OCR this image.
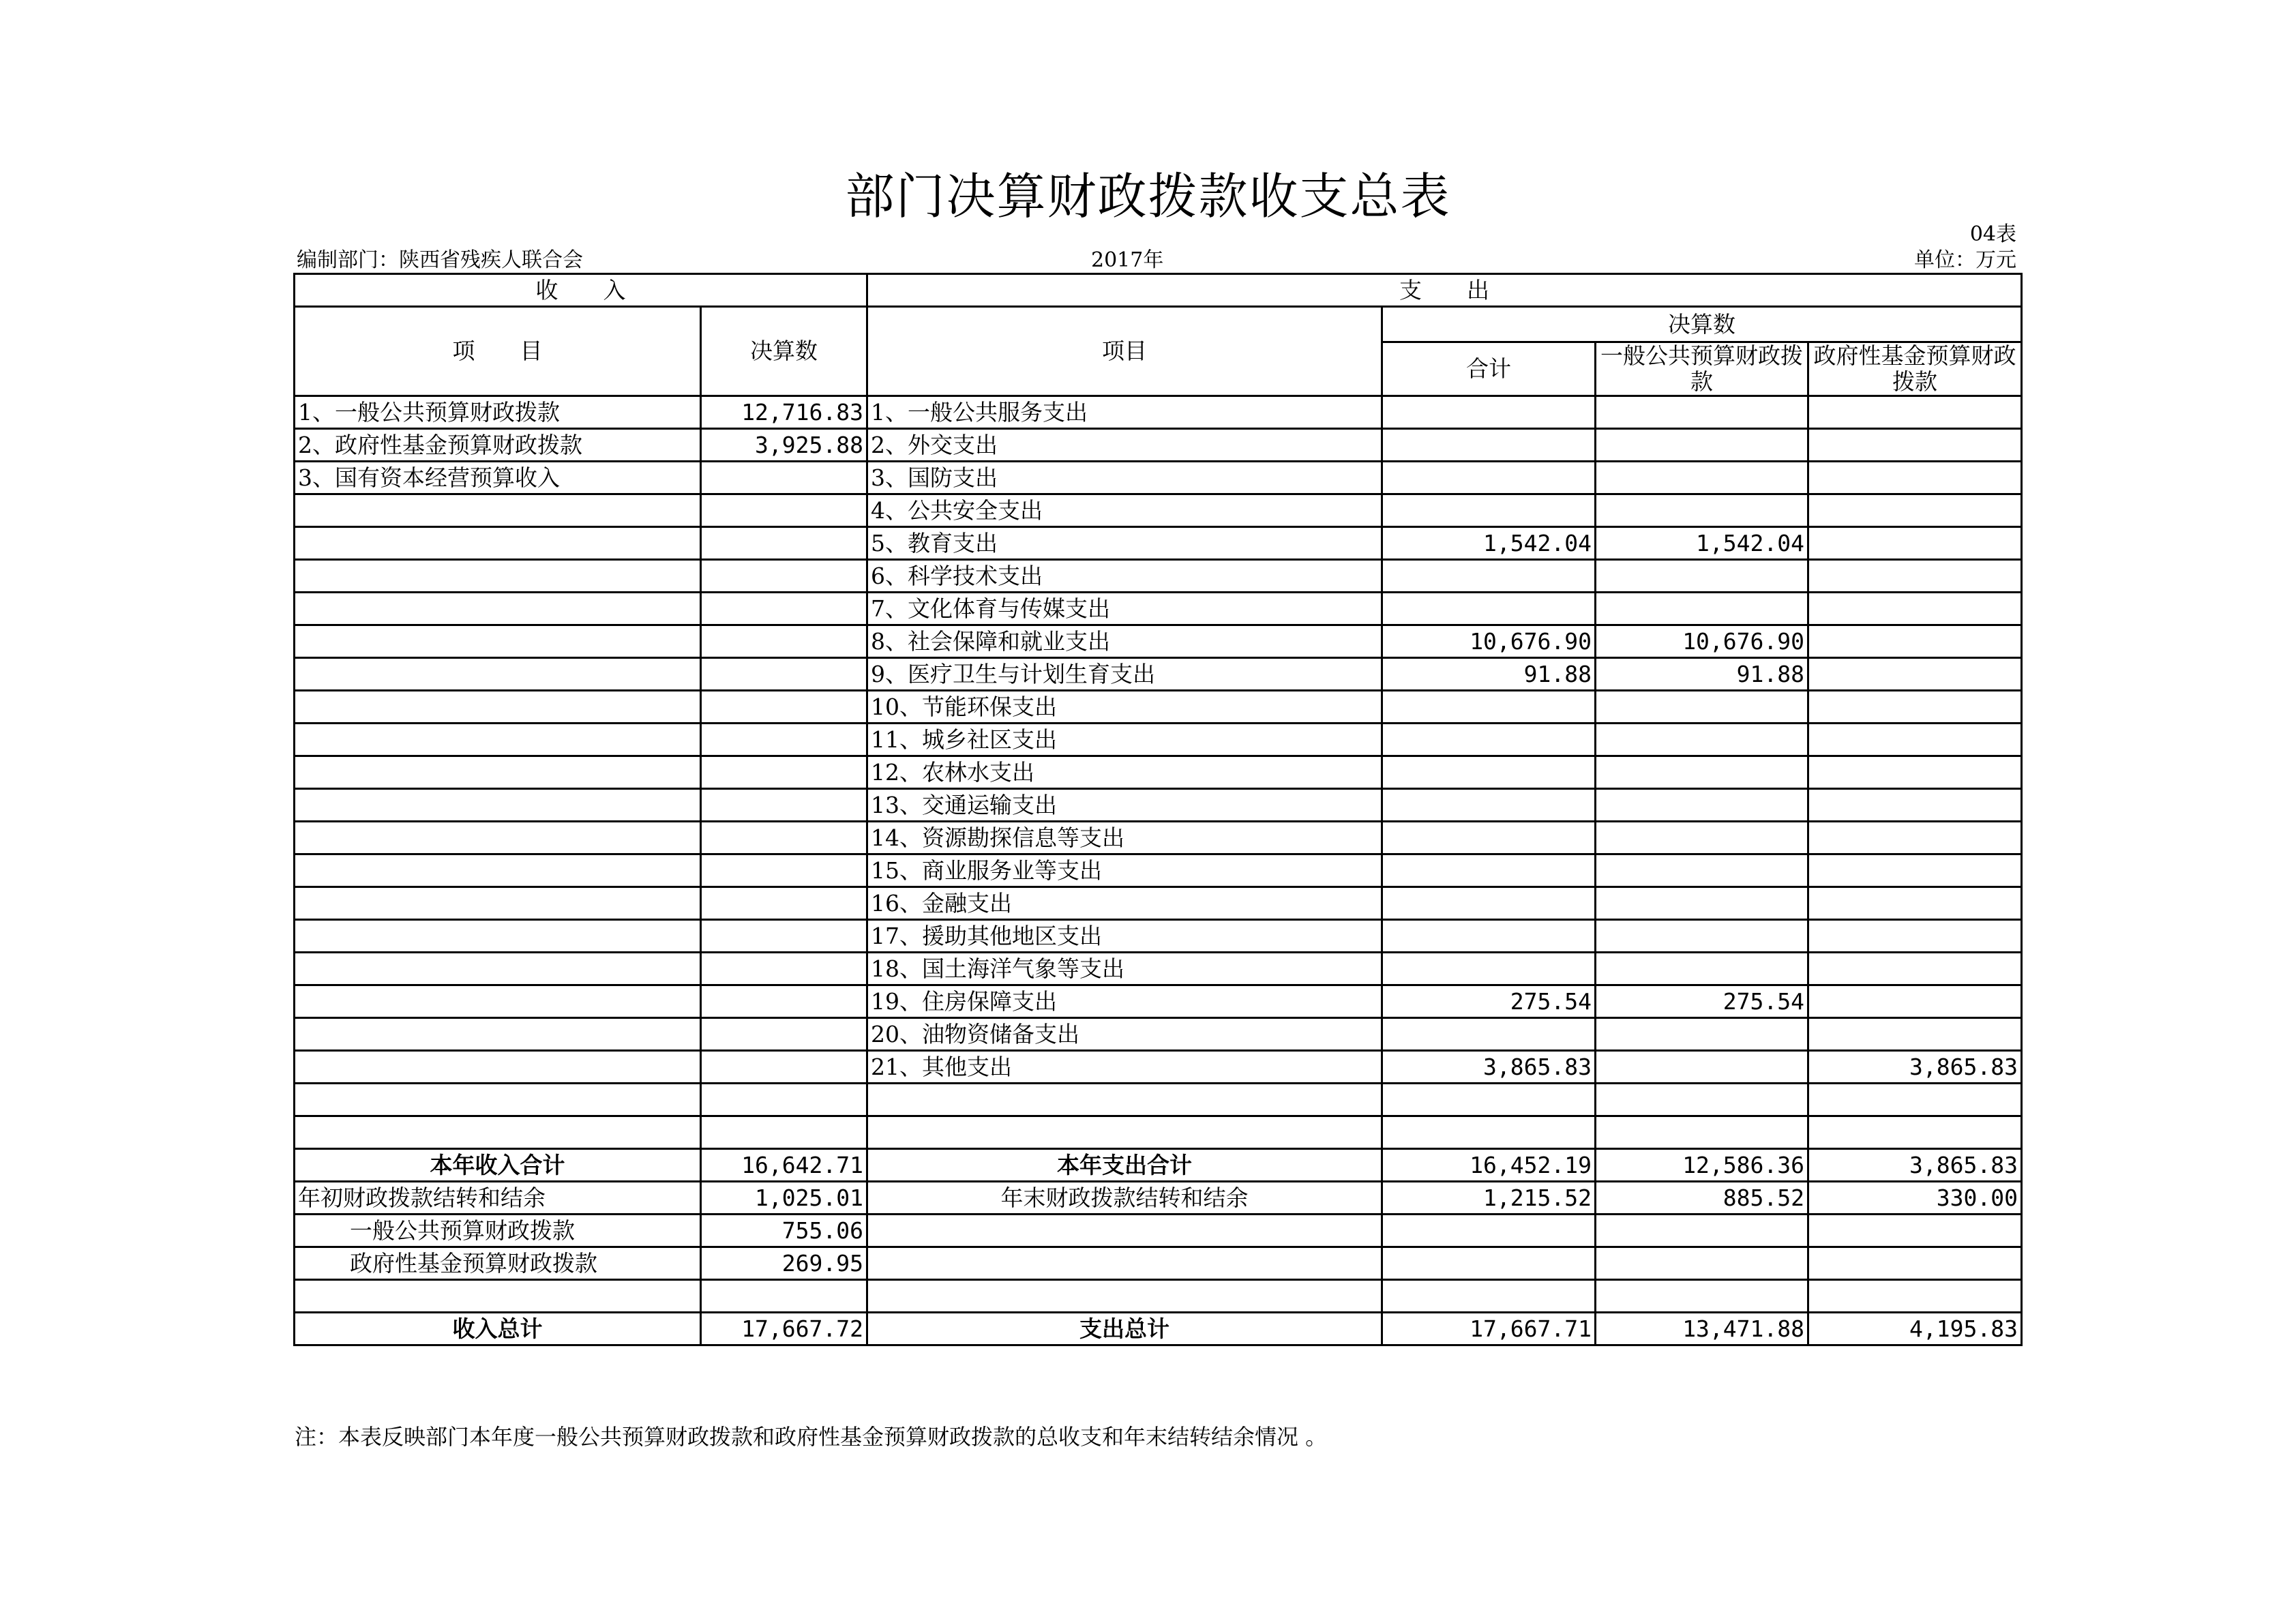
部门决算财政拨款收支总表
04表
编制部门：陕西省残疾人联合会	2017年	单位：万元
收　　入		支　　出			
项　　目	决算数	项目	决算数		
			合计	一般公共预算财政拨款	政府性基金预算财政拨款
1、一般公共预算财政拨款	12,716.83	1、一般公共服务支出			
2、政府性基金预算财政拨款	3,925.88	2、外交支出			
3、国有资本经营预算收入		3、国防支出			
		4、公共安全支出			
		5、教育支出	1,542.04	1,542.04	
		6、科学技术支出			
		7、文化体育与传媒支出			
		8、社会保障和就业支出	10,676.90	10,676.90	
		9、医疗卫生与计划生育支出	91.88	91.88	
		10、节能环保支出			
		11、城乡社区支出			
		12、农林水支出			
		13、交通运输支出			
		14、资源勘探信息等支出			
		15、商业服务业等支出			
		16、金融支出			
		17、援助其他地区支出			
		18、国土海洋气象等支出			
		19、住房保障支出	275.54	275.54	
		20、油物资储备支出			
		21、其他支出	3,865.83		3,865.83

本年收入合计	16,642.71	本年支出合计	16,452.19	12,586.36	3,865.83
年初财政拨款结转和结余	1,025.01	年末财政拨款结转和结余	1,215.52	885.52	330.00
一般公共预算财政拨款	755.06				
政府性基金预算财政拨款	269.95				

收入总计	17,667.72	支出总计	17,667.71	13,471.88	4,195.83
注：本表反映部门本年度一般公共预算财政拨款和政府性基金预算财政拨款的总收支和年末结转结余情况 。
